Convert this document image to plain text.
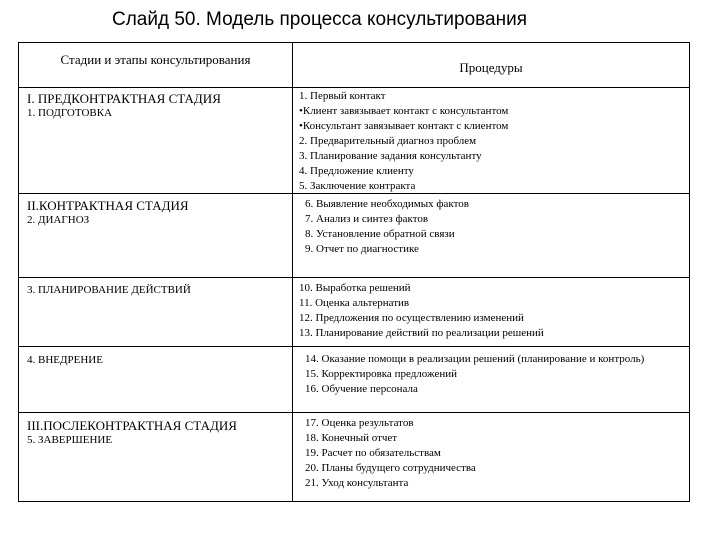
Слайд 50. Модель процесса консультирования
Стадии и этапы консультирования
Процедуры
I. ПРЕДКОНТРАКТНАЯ СТАДИЯ
1. ПОДГОТОВКА
1. Первый контакт
•Клиент завязывает контакт с консультантом
•Консультант завязывает контакт с клиентом
2. Предварительный диагноз проблем
3. Планирование задания консультанту
4. Предложение клиенту
5. Заключение контракта
II.КОНТРАКТНАЯ СТАДИЯ
2. ДИАГНОЗ
6. Выявление необходимых фактов
7. Анализ и синтез фактов
8. Установление обратной связи
9. Отчет по диагностике
3. ПЛАНИРОВАНИЕ ДЕЙСТВИЙ	10. Выработка решений
11. Оценка альтернатив
12. Предложения по осуществлению изменений
13. Планирование действий по реализации решений
4. ВНЕДРЕНИЕ	14. Оказание помощи в реализации решений (планирование и контроль)
15. Корректировка предложений
16. Обучение персонала
III.ПОСЛЕКОНТРАКТНАЯ СТАДИЯ
5. ЗАВЕРШЕНИЕ
17. Оценка результатов
18. Конечный отчет
19. Расчет по обязательствам
20. Планы будущего сотрудничества
21. Уход консультанта
